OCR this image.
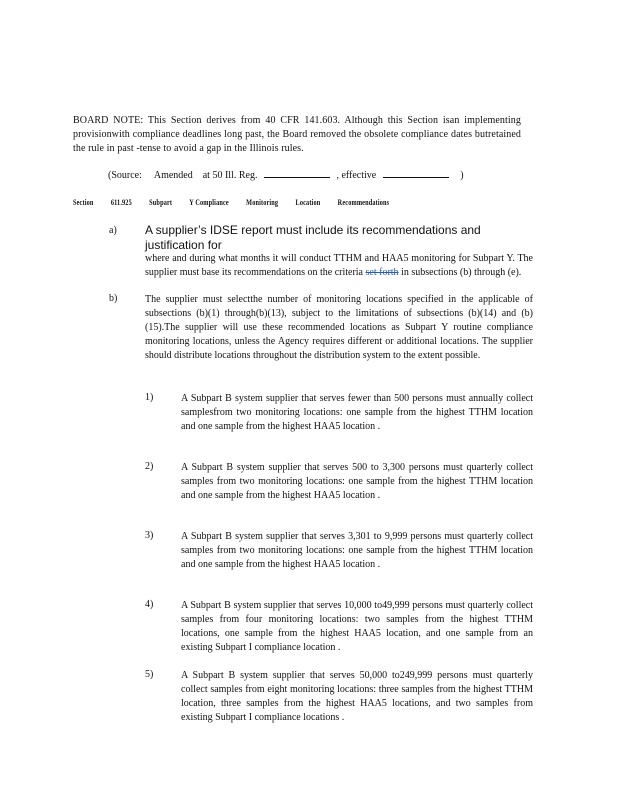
BOARD NOTE: This Section derives from 40 CFR 141.603. Although this Section isan implementing provisionwith compliance deadlines long past, the Board removed the obsolete compliance dates butretained the rule in past -tense to avoid a gap in the Illinois rules.
(Source: Amended at 50 Ill. Reg.	, effective	)
Section 611.925 Subpart Y Compliance Monitoring Location Recommendations
a) A supplier’s IDSE report must include its recommendations and justification for
where and during what months it will conduct TTHM and HAA5 monitoring for Subpart Y. The supplier must base its recommendations on the criteria set forth in subsections (b) through (e).
b)	The supplier must selectthe number of monitoring locations specified in the applicable of subsections (b)(1) through(b)(13), subject to the limitations of subsections (b)(14) and (b)(15).The supplier will use these recommended locations as Subpart Y routine compliance monitoring locations, unless the Agency requires different or additional locations. The supplier should distribute locations throughout the distribution system to the extent possible.
1)	A Subpart B system supplier that serves fewer than 500 persons must annually collect samplesfrom two monitoring locations: one sample from the highest TTHM location and one sample from the highest HAA5 location .
2)	A Subpart B system supplier that serves 500 to 3,300 persons must quarterly collect samples from two monitoring locations: one sample from the highest TTHM location and one sample from the highest HAA5 location .
3)	A Subpart B system supplier that serves 3,301 to 9,999 persons must quarterly collect samples from two monitoring locations: one sample from the highest TTHM location and one sample from the highest HAA5 location .
4)	A Subpart B system supplier that serves 10,000 to49,999 persons must quarterly collect samples from four monitoring locations: two samples from the highest TTHM locations, one sample from the highest HAA5 location, and one sample from an existing Subpart I compliance location .
5)	A Subpart B system supplier that serves 50,000 to249,999 persons must quarterly collect samples from eight monitoring locations: three samples from the highest TTHM location, three samples from the highest HAA5 locations, and two samples from existing Subpart I compliance locations .
